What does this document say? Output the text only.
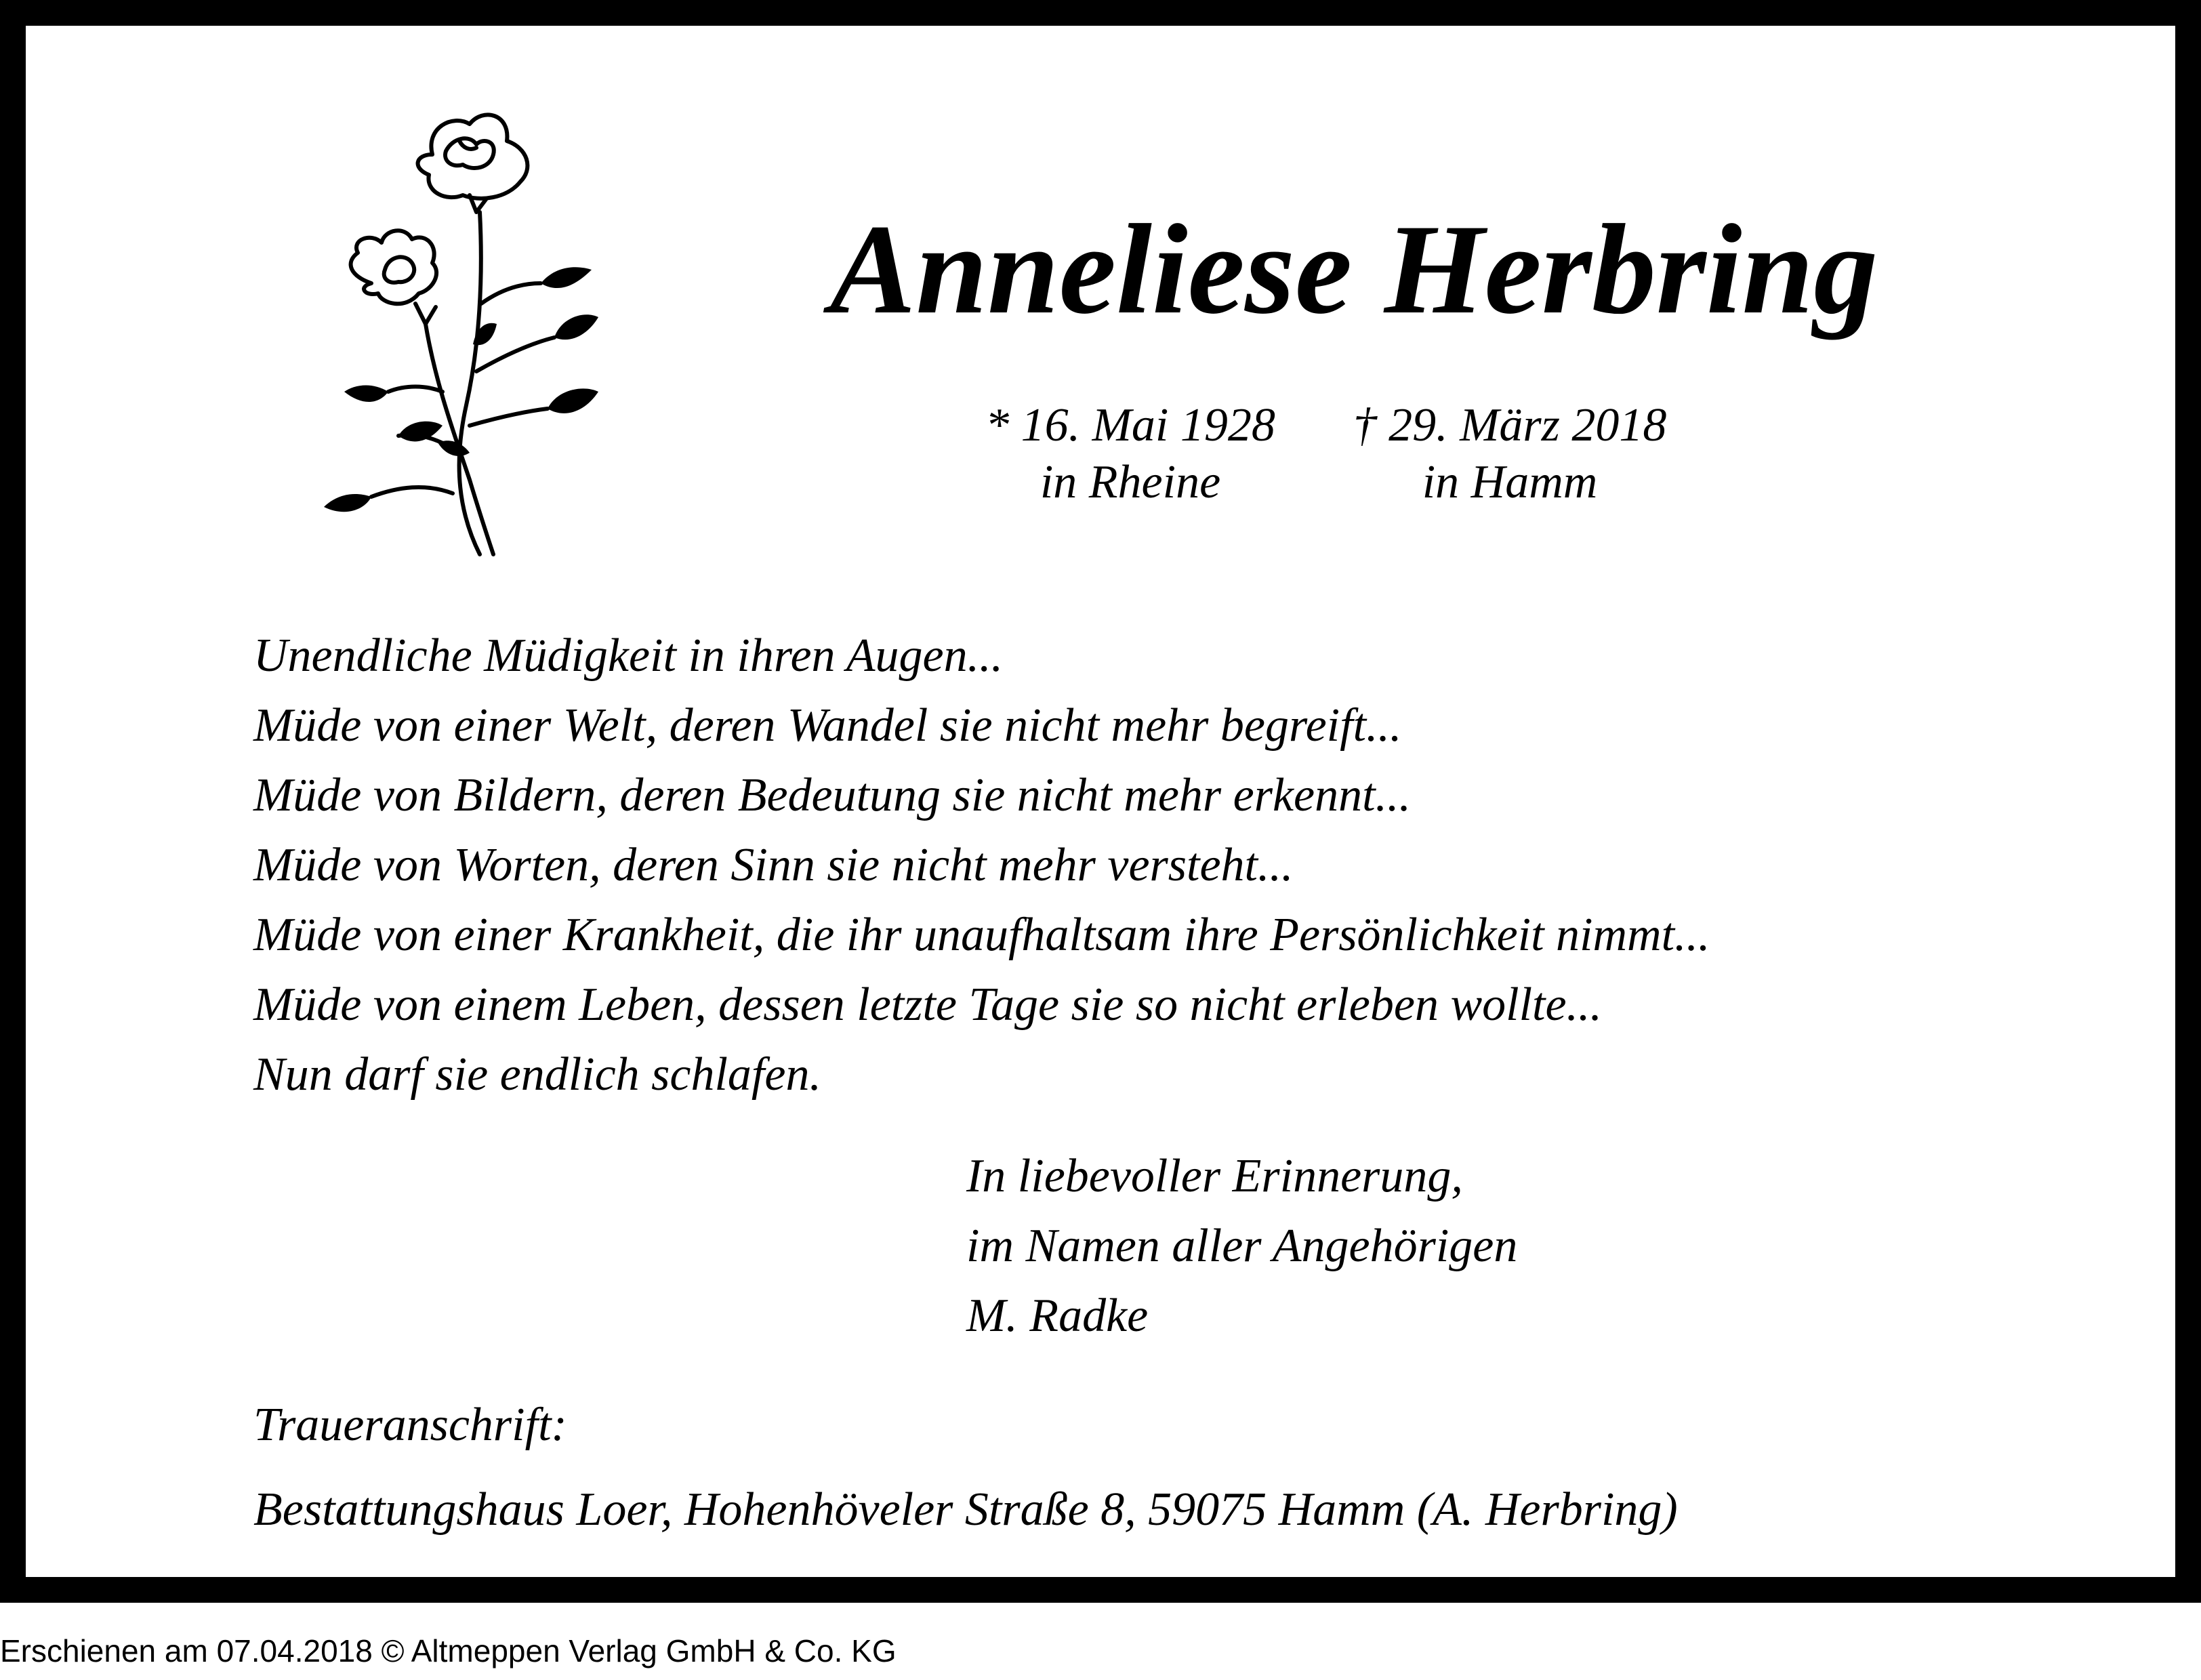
Anneliese Herbring
* 16. Mai 1928
in Rheine
† 29. März 2018
in Hamm
Unendliche Müdigkeit in ihren Augen...
Müde von einer Welt, deren Wandel sie nicht mehr begreift...
Müde von Bildern, deren Bedeutung sie nicht mehr erkennt...
Müde von Worten, deren Sinn sie nicht mehr versteht...
Müde von einer Krankheit, die ihr unaufhaltsam ihre Persönlichkeit nimmt...
Müde von einem Leben, dessen letzte Tage sie so nicht erleben wollte...
Nun darf sie endlich schlafen.
In liebevoller Erinnerung,
im Namen aller Angehörigen
M. Radke
Traueranschrift:
Bestattungshaus Loer, Hohenhöveler Straße 8, 59075 Hamm (A. Herbring)
Erschienen am 07.04.2018 © Altmeppen Verlag GmbH & Co. KG
